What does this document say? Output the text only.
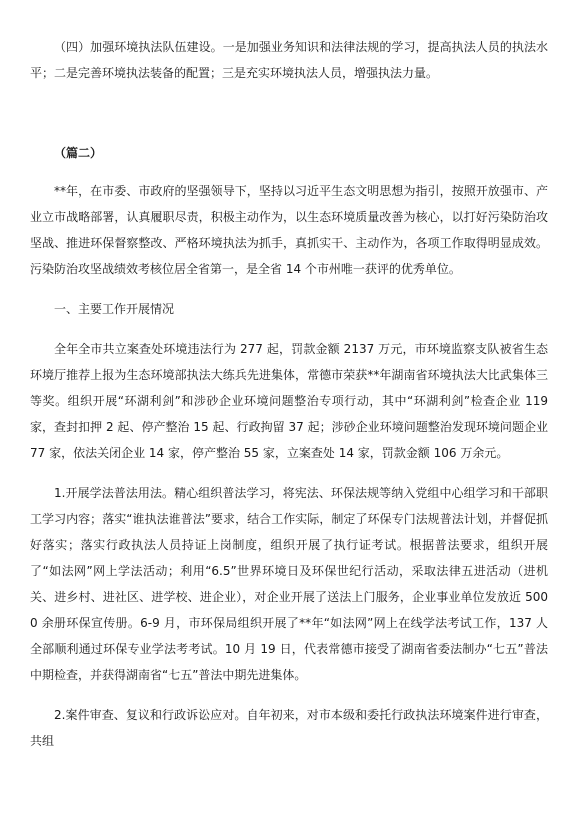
（四）加强环境执法队伍建设。一是加强业务知识和法律法规的学习，提高执法人员的执法水平；二是完善环境执法装备的配置；三是充实环境执法人员，增强执法力量。

（篇二）

**年，在市委、市政府的坚强领导下，坚持以习近平生态文明思想为指引，按照开放强市、产业立市战略部署，认真履职尽责，积极主动作为，以生态环境质量改善为核心，以打好污染防治攻坚战、推进环保督察整改、严格环境执法为抓手，真抓实干、主动作为，各项工作取得明显成效。污染防治攻坚战绩效考核位居全省第一，是全省 14 个市州唯一获评的优秀单位。

一、主要工作开展情况

全年全市共立案查处环境违法行为 277 起，罚款金额 2137 万元，市环境监察支队被省生态环境厅推荐上报为生态环境部执法大练兵先进集体，常德市荣获**年湖南省环境执法大比武集体三等奖。组织开展“环湖利剑”和涉砂企业环境问题整治专项行动，其中“环湖利剑”检查企业 119 家，查封扣押 2 起、停产整治 15 起、行政拘留 37 起；涉砂企业环境问题整治发现环境问题企业 77 家，依法关闭企业 14 家，停产整治 55 家，立案查处 14 家，罚款金额 106 万余元。

1.开展学法普法用法。精心组织普法学习，将宪法、环保法规等纳入党组中心组学习和干部职工学习内容；落实“谁执法谁普法”要求，结合工作实际，制定了环保专门法规普法计划，并督促抓好落实；落实行政执法人员持证上岗制度，组织开展了执行证考试。根据普法要求，组织开展了“如法网”网上学法活动；利用“6.5”世界环境日及环保世纪行活动，采取法律五进活动（进机关、进乡村、进社区、进学校、进企业），对企业开展了送法上门服务，企业事业单位发放近 5000 余册环保宣传册。6-9 月，市环保局组织开展了**年“如法网”网上在线学法考试工作，137 人全部顺利通过环保专业学法考考试。10 月 19 日，代表常德市接受了湖南省委法制办“七五”普法中期检查，并获得湖南省“七五”普法中期先进集体。

2.案件审查、复议和行政诉讼应对。自年初来，对市本级和委托行政执法环境案件进行审查，共组
